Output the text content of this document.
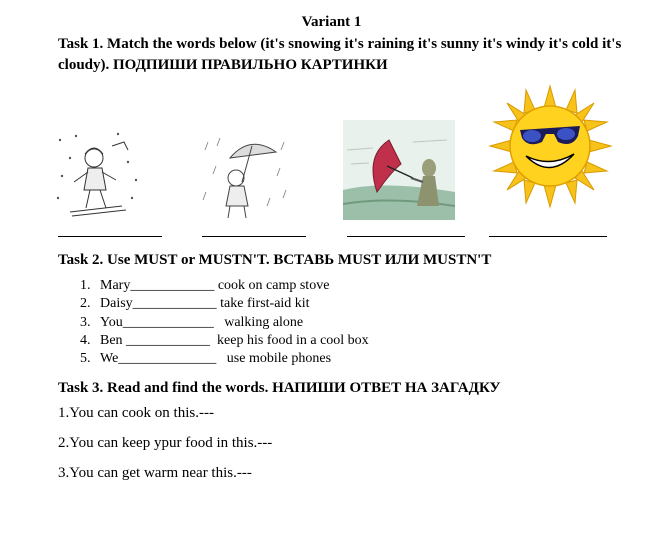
Variant 1
Task 1. Match the words below (it's snowing it's raining it's sunny it's windy it's cold it's cloudy). ПОДПИШИ ПРАВИЛЬНО КАРТИНКИ
Task 2. Use MUST or MUSTN'T. ВСТАВЬ MUST ИЛИ MUSTN'T
1. Mary____________ cook on camp stove
2. Daisy____________ take first-aid kit
3. You_____________   walking alone
4. Ben ____________  keep his food in a cool box
5. We______________   use mobile phones
Task 3. Read and find the words. НАПИШИ ОТВЕТ НА ЗАГАДКУ
1.You can cook on this.---
2.You can keep ypur food in this.---
3.You can get warm near this.---
